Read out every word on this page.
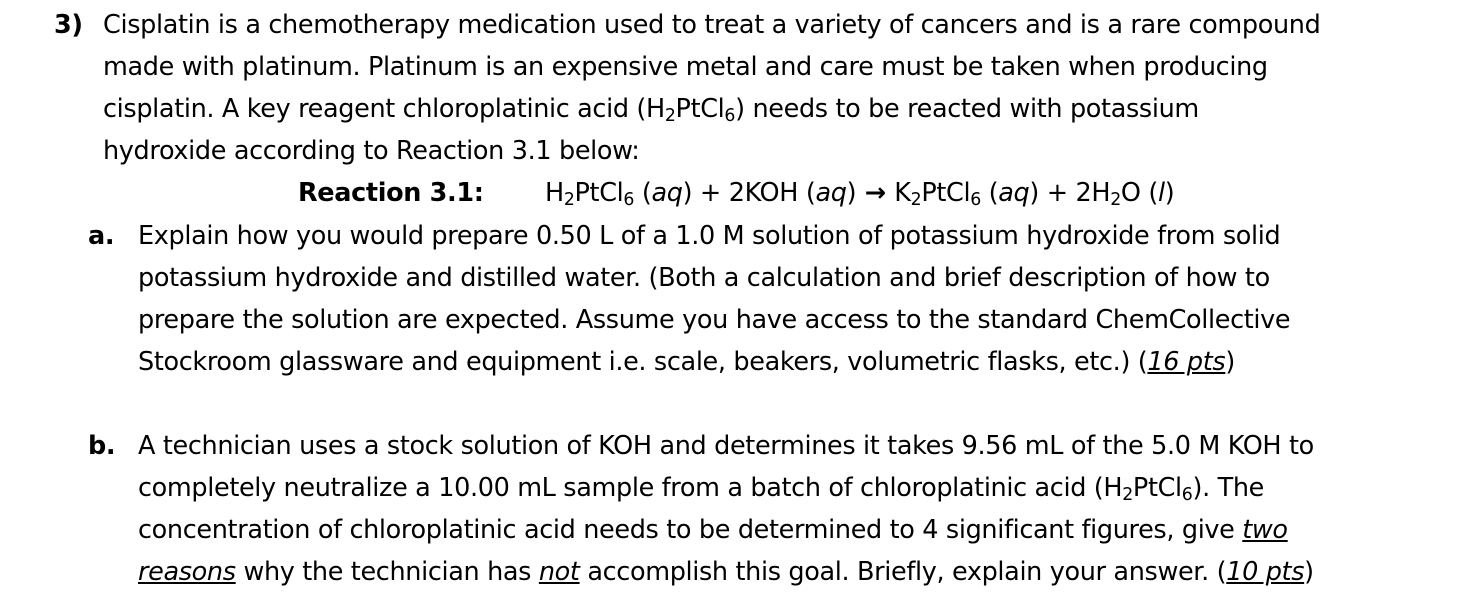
3) Cisplatin is a chemotherapy medication used to treat a variety of cancers and is a rare compound
made with platinum. Platinum is an expensive metal and care must be taken when producing
cisplatin. A key reagent chloroplatinic acid $(H_2PtCl_6)$ needs to be reacted with potassium
hydroxide according to Reaction 3.1 below:
Reaction 3.1: $H_2PtCl_6$ (aq) + 2KOH $(aq) \to K_2PtCl_6$ $(aq) + 2H_2O$ (l)
a. Explain how you would prepare 0.50 L of a 1.0 M solution of potassium hydroxide from solid
potassium hydroxide and distilled water. (Both a calculation and brief description of how to
prepare the solution are expected. Assume you have access to the standard ChemCollective
Stockroom glassware and equipment i.e. scale, beakers, volumetric flasks, etc.) (16 pts)
b. A technician uses a stock solution of KOH and determines it takes 9.56 mL of the 5.0 M KOH to
completely neutralize a 10.00 mL sample from a batch of chloroplatinic acid $(H_2PtCl_6)$. The
concentration of chloroplatinic acid needs to be determined to 4 significant figures, give two
reasons why the technician has not accomplish this goal. Briefly, explain your answer. (10 pts)
